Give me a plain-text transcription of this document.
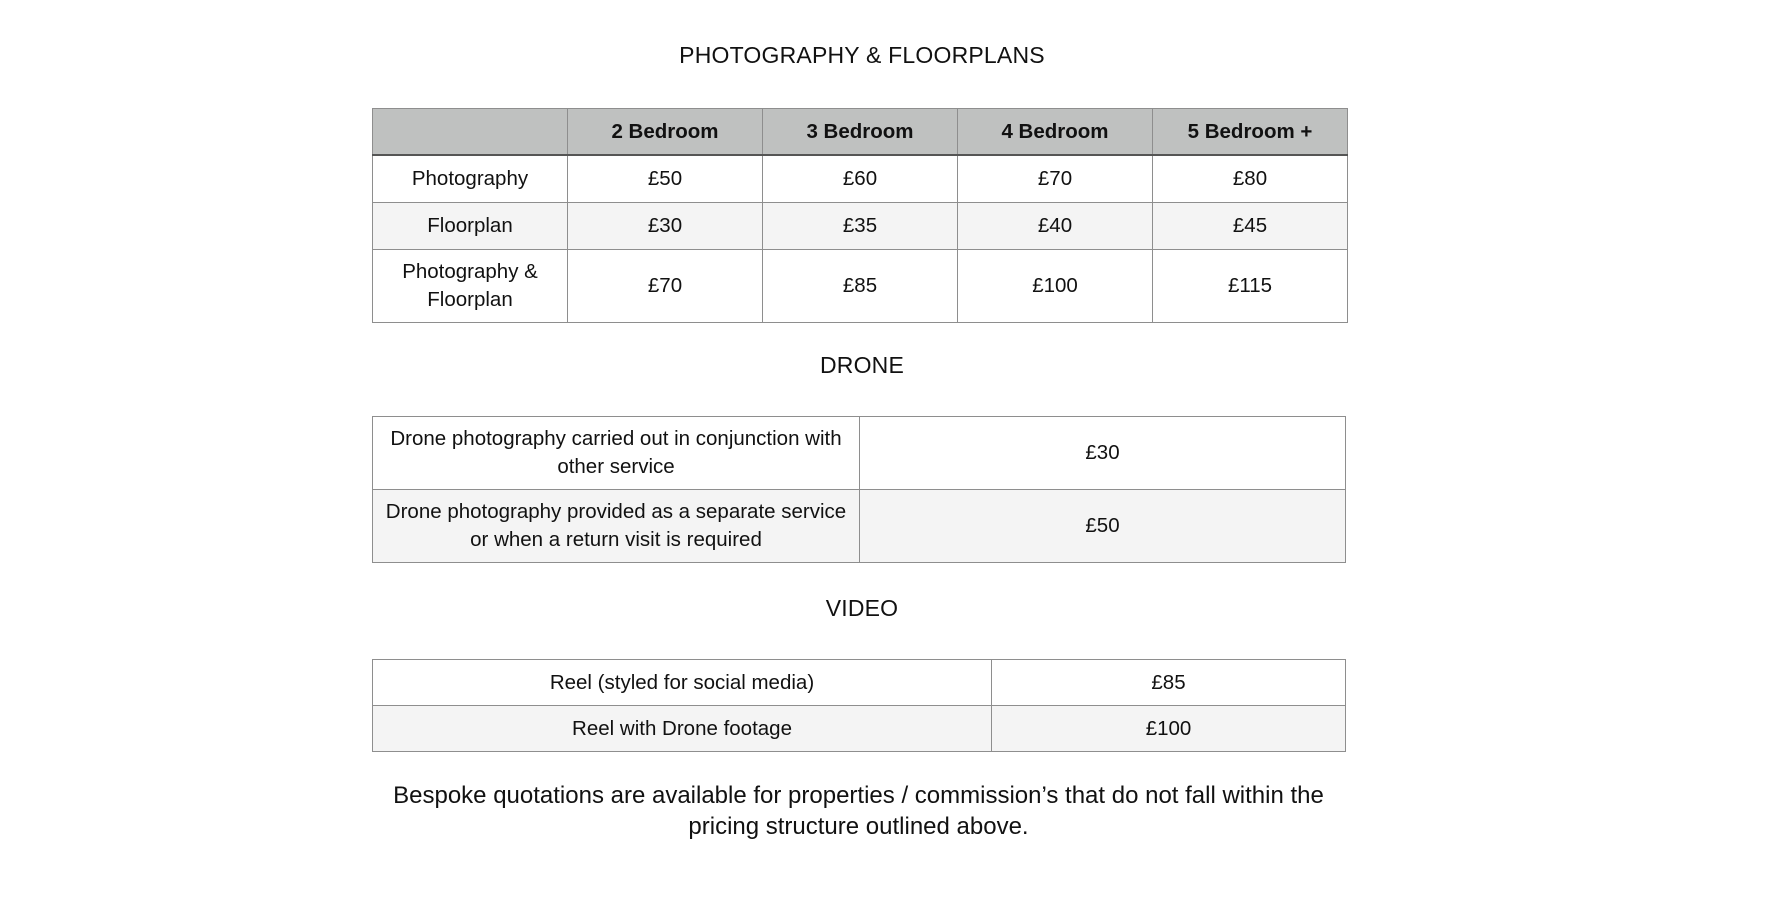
PHOTOGRAPHY & FLOORPLANS
	2 Bedroom	3 Bedroom	4 Bedroom	5 Bedroom +
Photography	£50	£60	£70	£80
Floorplan	£30	£35	£40	£45
Photography & Floorplan	£70	£85	£100	£115
DRONE
Drone photography carried out in conjunction with other service	£30
Drone photography provided as a separate service or when a return visit is required	£50
VIDEO
Reel (styled for social media)	£85
Reel with Drone footage	£100
Bespoke quotations are available for properties / commission’s that do not fall within the pricing structure outlined above.
